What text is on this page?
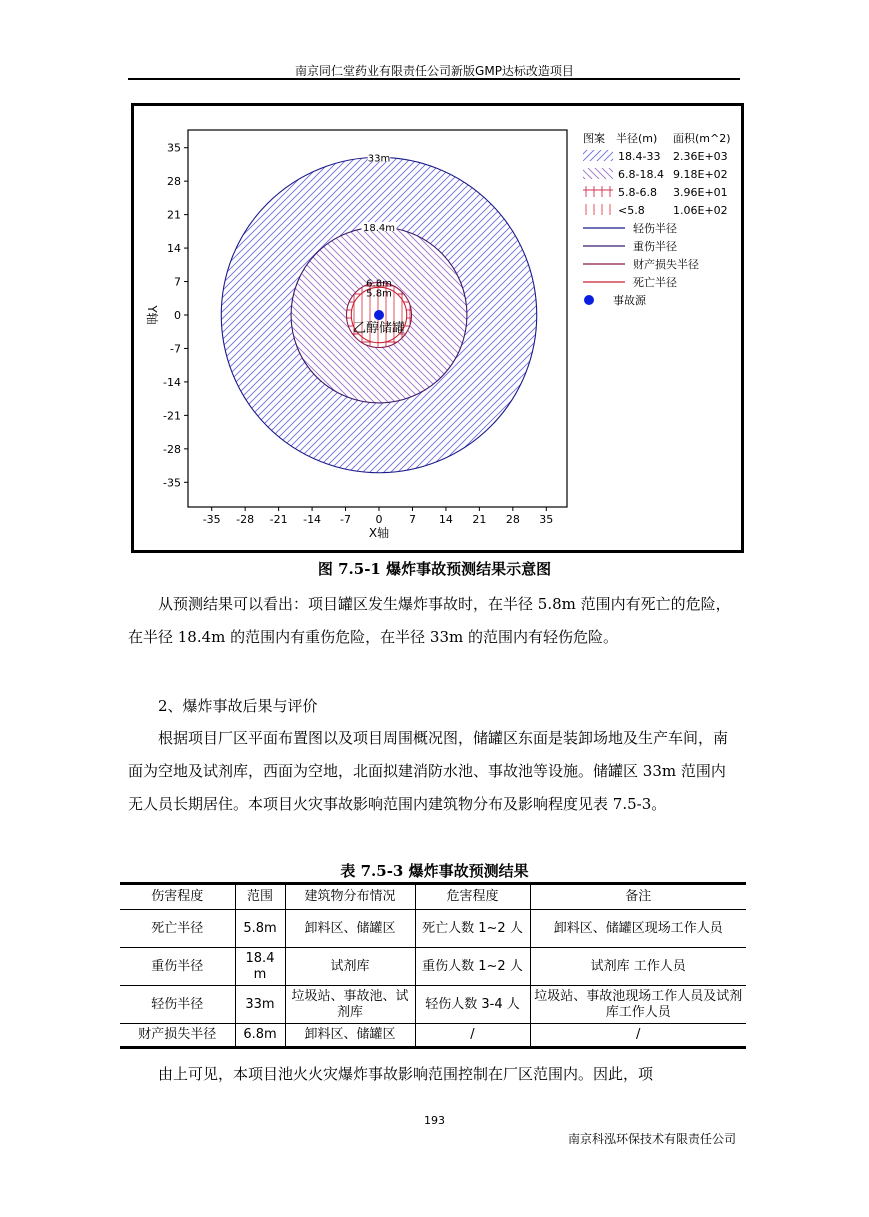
南京同仁堂药业有限责任公司新版GMP达标改造项目
33m
18.4m
6.8m
5.8m
乙醇储罐
-35 -28 -21 -14 -7 0 7 14 21 28 35
35
28
21
14
7
0
-7
-14
-21
-28
-35
X轴
Y轴
图案 半径(m) 面积(m^2)
18.4-33 2.36E+03
6.8-18.4 9.18E+02
5.8-6.8 3.96E+01
<5.8	1.06E+02
轻伤半径
重伤半径
财产损失半径
死亡半径
事故源
图 7.5-1 爆炸事故预测结果示意图

从预测结果可以看出：项目罐区发生爆炸事故时，在半径 5.8m 范围内有死亡的危险，在半径 18.4m 的范围内有重伤危险，在半径 33m 的范围内有轻伤危险。

2、爆炸事故后果与评价

根据项目厂区平面布置图以及项目周围概况图，储罐区东面是装卸场地及生产车间，南面为空地及试剂库，西面为空地，北面拟建消防水池、事故池等设施。储罐区 33m 范围内无人员长期居住。本项目火灾事故影响范围内建筑物分布及影响程度见表 7.5-3。

表 7.5-3 爆炸事故预测结果
伤害程度	范围	建筑物分布情况	危害程度	备注
死亡半径	5.8m	卸料区、储罐区	死亡人数 1~2 人	卸料区、储罐区现场工作人员
重伤半径	18.4 m	试剂库	重伤人数 1~2 人	试剂库 工作人员
轻伤半径	33m	垃圾站、事故池、试剂库	轻伤人数 3-4 人	垃圾站、事故池现场工作人员及试剂库工作人员
财产损失半径	6.8m	卸料区、储罐区	/	/

由上可见，本项目池火火灾爆炸事故影响范围控制在厂区范围内。因此，项

193
南京科泓环保技术有限责任公司
